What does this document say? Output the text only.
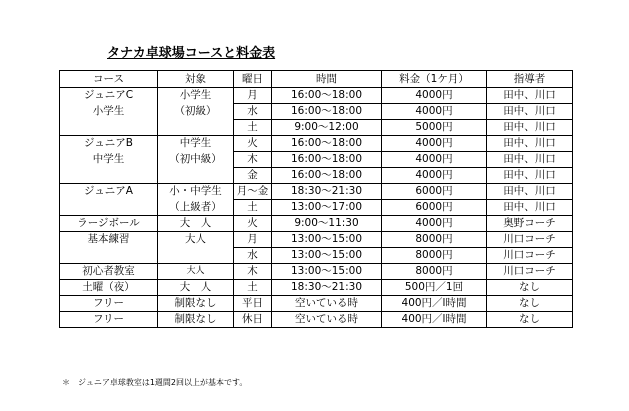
タナカ卓球場コースと料金表
コース	対象	曜日	時間	料金（1ケ月）	指導者
ジュニアC	小学生	月	16:00～18:00	4000円	田中、川口
小学生	（初級）	水	16:00～18:00	4000円	田中、川口
		土	9:00～12:00	5000円	田中、川口
ジュニアB	中学生	火	16:00～18:00	4000円	田中、川口
中学生	（初中級）	木	16:00～18:00	4000円	田中、川口
		金	16:00～18:00	4000円	田中、川口
ジュニアA	小・中学生	月～金	18:30～21:30	6000円	田中、川口
	（上級者）	土	13:00～17:00	6000円	田中、川口
ラージボール	大　人	火	9:00～11:30	4000円	奥野コーチ
基本練習	大人	月	13:00～15:00	8000円	川口コーチ
		水	13:00～15:00	8000円	川口コーチ
初心者教室	大人	木	13:00～15:00	8000円	川口コーチ
土曜（夜）	大　人	土	18:30～21:30	500円／1回	なし
フリー	制限なし	平日	空いている時	400円／l時間	なし
フリー	制限なし	休日	空いている時	400円／l時間	なし
＊　ジュニア卓球教室は1週間2回以上が基本です。
